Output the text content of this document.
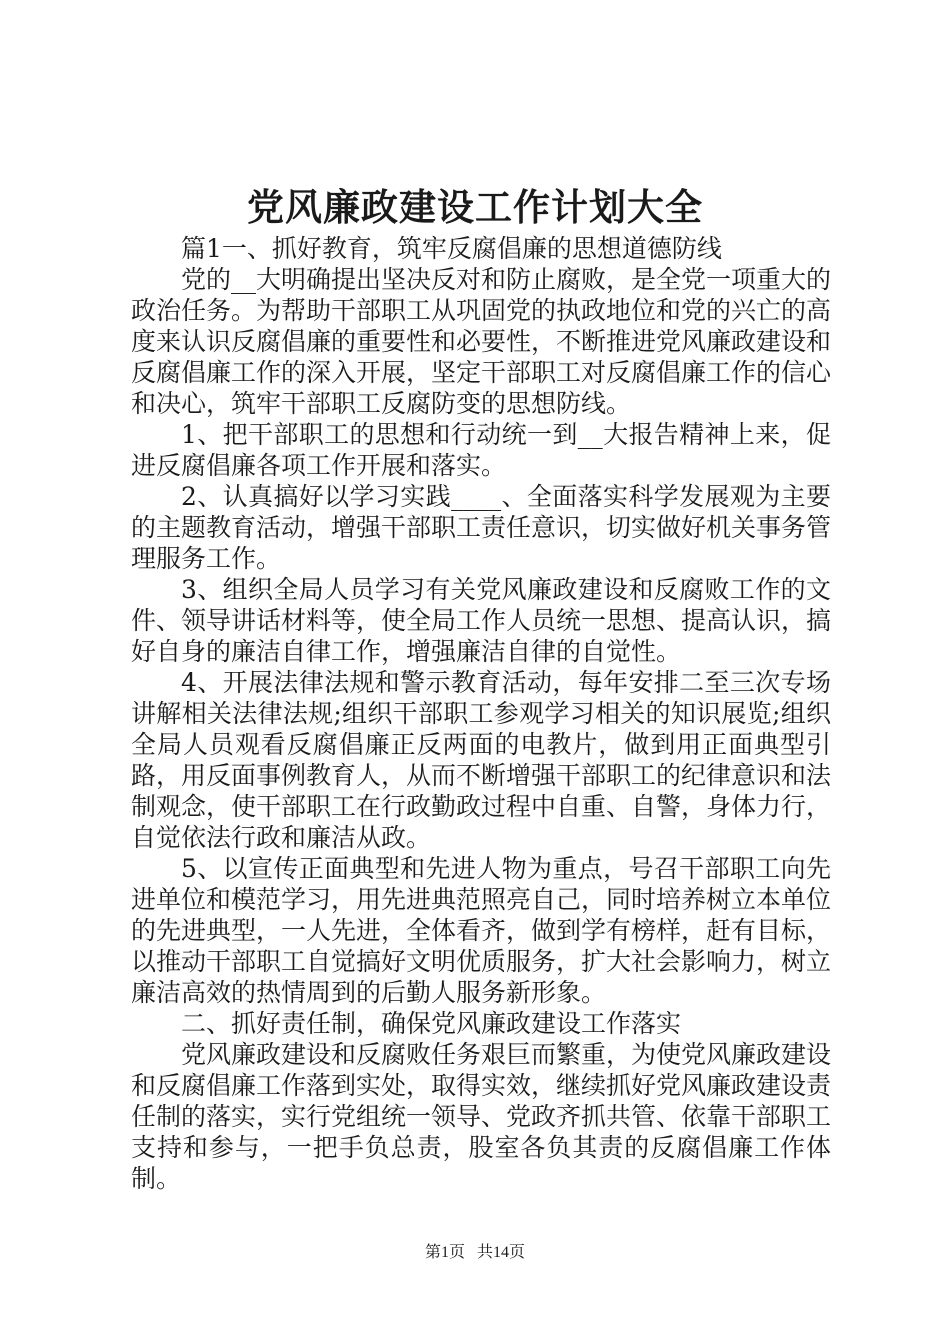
党风廉政建设工作计划大全

篇1一、抓好教育，筑牢反腐倡廉的思想道德防线

党的__大明确提出坚决反对和防止腐败，是全党一项重大的政治任务。为帮助干部职工从巩固党的执政地位和党的兴亡的高度来认识反腐倡廉的重要性和必要性，不断推进党风廉政建设和反腐倡廉工作的深入开展，坚定干部职工对反腐倡廉工作的信心和决心，筑牢干部职工反腐防变的思想防线。

1、把干部职工的思想和行动统一到__大报告精神上来，促进反腐倡廉各项工作开展和落实。

2、认真搞好以学习实践____、全面落实科学发展观为主要的主题教育活动，增强干部职工责任意识，切实做好机关事务管理服务工作。

3、组织全局人员学习有关党风廉政建设和反腐败工作的文件、领导讲话材料等，使全局工作人员统一思想、提高认识，搞好自身的廉洁自律工作，增强廉洁自律的自觉性。

4、开展法律法规和警示教育活动，每年安排二至三次专场讲解相关法律法规;组织干部职工参观学习相关的知识展览;组织全局人员观看反腐倡廉正反两面的电教片，做到用正面典型引路，用反面事例教育人，从而不断增强干部职工的纪律意识和法制观念，使干部职工在行政勤政过程中自重、自警，身体力行，自觉依法行政和廉洁从政。

5、以宣传正面典型和先进人物为重点，号召干部职工向先进单位和模范学习，用先进典范照亮自己，同时培养树立本单位的先进典型，一人先进，全体看齐，做到学有榜样，赶有目标，以推动干部职工自觉搞好文明优质服务，扩大社会影响力，树立廉洁高效的热情周到的后勤人服务新形象。

二、抓好责任制，确保党风廉政建设工作落实

党风廉政建设和反腐败任务艰巨而繁重，为使党风廉政建设和反腐倡廉工作落到实处，取得实效，继续抓好党风廉政建设责任制的落实，实行党组统一领导、党政齐抓共管、依靠干部职工支持和参与，一把手负总责，股室各负其责的反腐倡廉工作体制。

第1页 共14页
